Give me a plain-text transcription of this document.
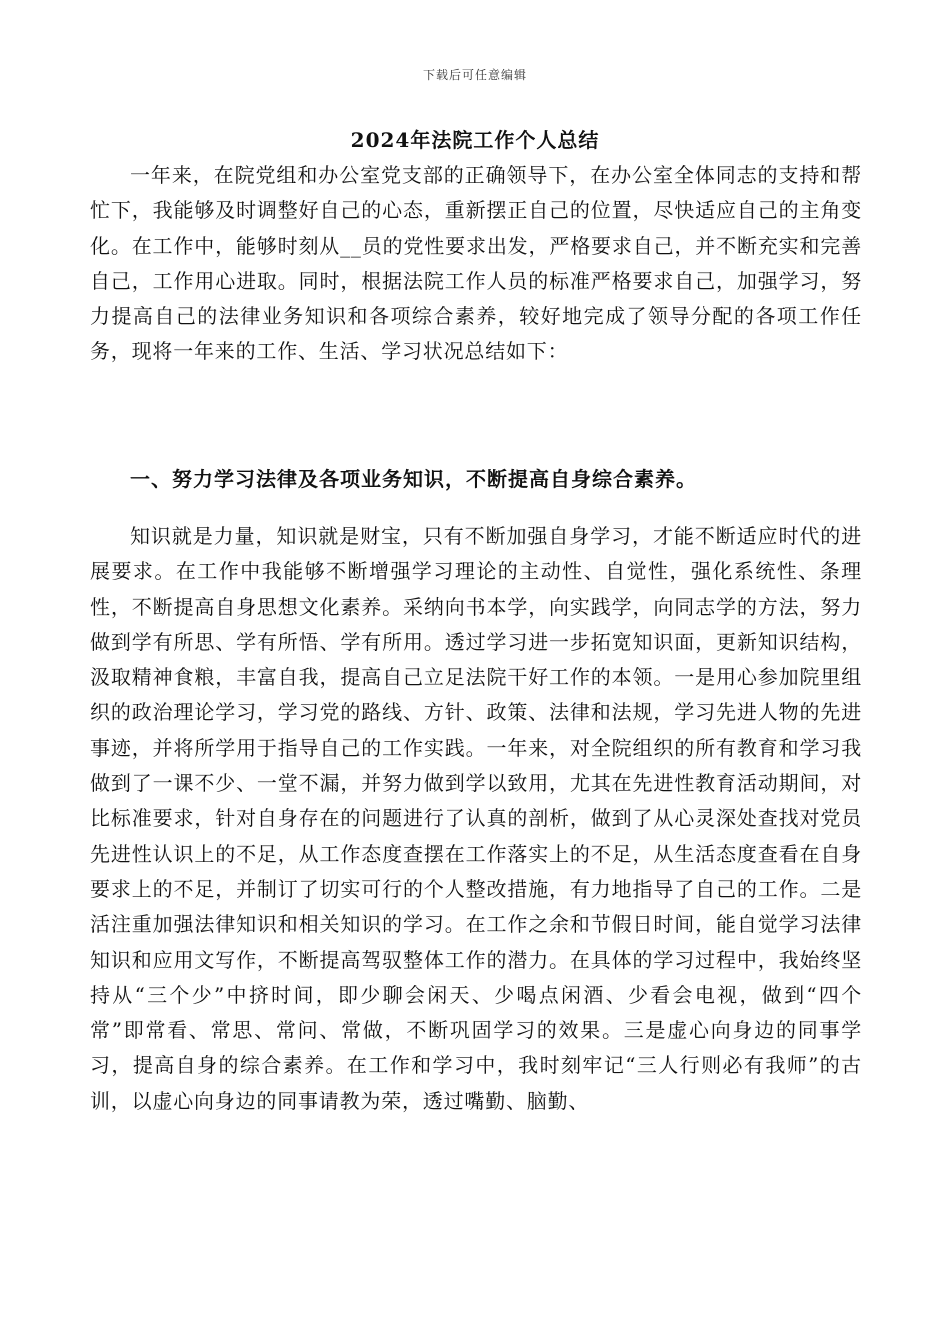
下载后可任意编辑
2024年法院工作个人总结

一年来，在院党组和办公室党支部的正确领导下，在办公室全体同志的支持和帮忙下，我能够及时调整好自己的心态，重新摆正自己的位置，尽快适应自己的主角变化。在工作中，能够时刻从__员的党性要求出发，严格要求自己，并不断充实和完善自己，工作用心进取。同时，根据法院工作人员的标准严格要求自己，加强学习，努力提高自己的法律业务知识和各项综合素养，较好地完成了领导分配的各项工作任务，现将一年来的工作、生活、学习状况总结如下：

一、努力学习法律及各项业务知识，不断提高自身综合素养。

知识就是力量，知识就是财宝，只有不断加强自身学习，才能不断适应时代的进展要求。在工作中我能够不断增强学习理论的主动性、自觉性，强化系统性、条理性，不断提高自身思想文化素养。采纳向书本学，向实践学，向同志学的方法，努力做到学有所思、学有所悟、学有所用。透过学习进一步拓宽知识面，更新知识结构，汲取精神食粮，丰富自我，提高自己立足法院干好工作的本领。一是用心参加院里组织的政治理论学习，学习党的路线、方针、政策、法律和法规，学习先进人物的先进事迹，并将所学用于指导自己的工作实践。一年来，对全院组织的所有教育和学习我做到了一课不少、一堂不漏，并努力做到学以致用，尤其在先进性教育活动期间，对比标准要求，针对自身存在的问题进行了认真的剖析，做到了从心灵深处查找对党员先进性认识上的不足，从工作态度查摆在工作落实上的不足，从生活态度查看在自身要求上的不足，并制订了切实可行的个人整改措施，有力地指导了自己的工作。二是活注重加强法律知识和相关知识的学习。在工作之余和节假日时间，能自觉学习法律知识和应用文写作，不断提高驾驭整体工作的潜力。在具体的学习过程中，我始终坚持从“三个少”中挤时间，即少聊会闲天、少喝点闲酒、少看会电视，做到“四个常”即常看、常思、常问、常做，不断巩固学习的效果。三是虚心向身边的同事学习，提高自身的综合素养。在工作和学习中，我时刻牢记“三人行则必有我师”的古训，以虚心向身边的同事请教为荣，透过嘴勤、脑勤、
